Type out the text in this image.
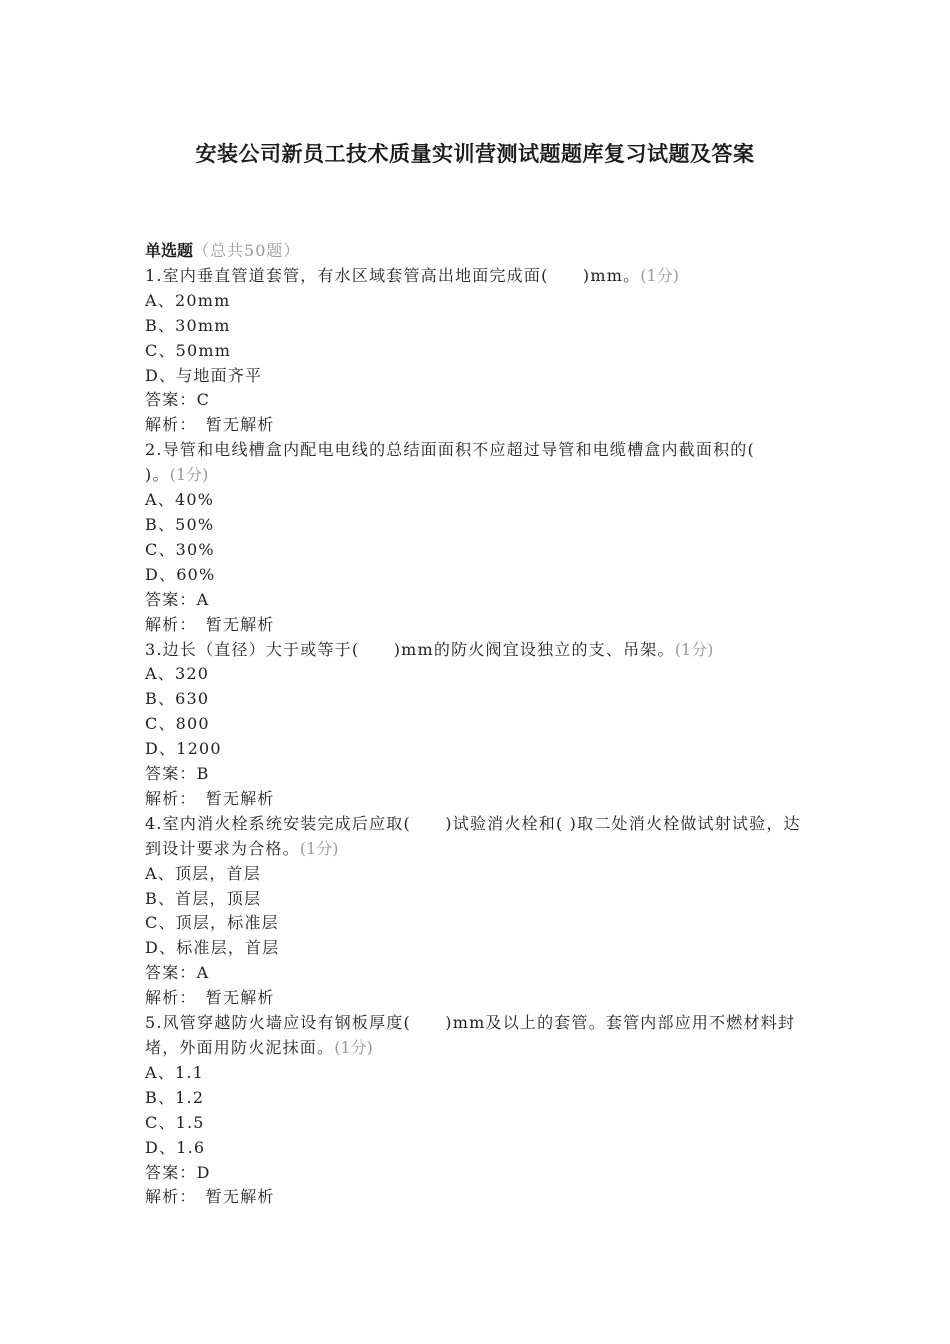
安装公司新员工技术质量实训营测试题题库复习试题及答案
单选题（总共50题）
1.室内垂直管道套管，有水区域套管高出地面完成面(　　)mm。(1分)
A、20mm
B、30mm
C、50mm
D、与地面齐平
答案：C
解析：　暂无解析
2.导管和电线槽盒内配电电线的总结面面积不应超过导管和电缆槽盒内截面积的(　　)。(1分)
A、40%
B、50%
C、30%
D、60%
答案：A
解析：　暂无解析
3.边长（直径）大于或等于(　　)mm的防火阀宜设独立的支、吊架。(1分)
A、320
B、630
C、800
D、1200
答案：B
解析：　暂无解析
4.室内消火栓系统安装完成后应取(　　)试验消火栓和( )取二处消火栓做试射试验，达到设计要求为合格。(1分)
A、顶层，首层
B、首层，顶层
C、顶层，标准层
D、标准层，首层
答案：A
解析：　暂无解析
5.风管穿越防火墙应设有钢板厚度(　　)mm及以上的套管。套管内部应用不燃材料封堵，外面用防火泥抹面。(1分)
A、1.1
B、1.2
C、1.5
D、1.6
答案：D
解析：　暂无解析
